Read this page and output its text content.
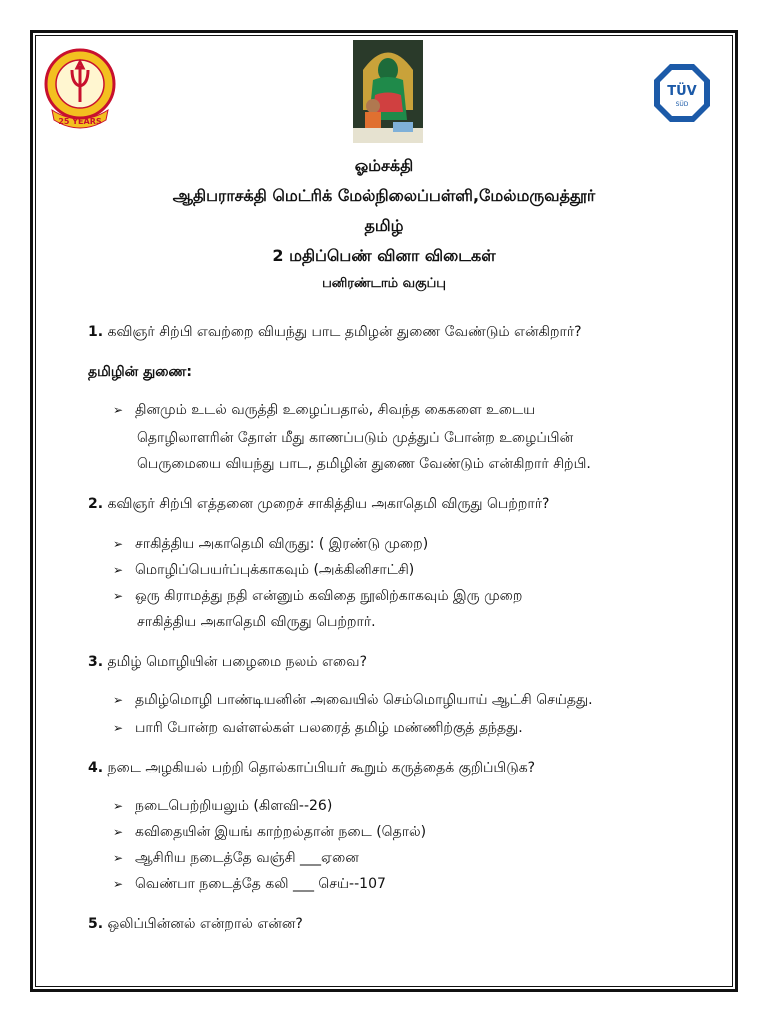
25 YEARS
TÜV
SÜD
ஓம்சக்தி
ஆதிபராசக்தி மெட்ரிக் மேல்நிலைப்பள்ளி,மேல்மருவத்தூர்
தமிழ்
2 மதிப்பெண் வினா விடைகள்
பனிரண்டாம் வகுப்பு
1. கவிஞர் சிற்பி எவற்றை வியந்து பாட தமிழன் துணை வேண்டும் என்கிறார்?
தமிழின் துணை:
➢ தினமும் உடல் வருத்தி உழைப்பதால், சிவந்த கைகளை உடைய
தொழிலாளரின் தோள் மீது காணப்படும் முத்துப் போன்ற உழைப்பின்
பெருமையை வியந்து பாட, தமிழின் துணை வேண்டும் என்கிறார் சிற்பி.
2. கவிஞர் சிற்பி எத்தனை முறைச் சாகித்திய அகாதெமி விருது பெற்றார்?
➢ சாகித்திய அகாதெமி விருது: ( இரண்டு முறை)
➢ மொழிப்பெயர்ப்புக்காகவும் (அக்கினிசாட்சி)
➢ ஒரு கிராமத்து நதி என்னும் கவிதை நூலிற்காகவும் இரு முறை
சாகித்திய அகாதெமி விருது பெற்றார்.
3. தமிழ் மொழியின் பழைமை நலம் எவை?
➢ தமிழ்மொழி பாண்டியனின் அவையில் செம்மொழியாய் ஆட்சி செய்தது.
➢ பாரி போன்ற வள்ளல்கள் பலரைத் தமிழ் மண்ணிற்குத் தந்தது.
4. நடை அழகியல் பற்றி தொல்காப்பியர் கூறும் கருத்தைக் குறிப்பிடுக?
➢ நடைபெற்றியலும் (கிளவி--26)
➢ கவிதையின் இயங் காற்றல்தான் நடை (தொல்)
➢ ஆசிரிய நடைத்தே வஞ்சி ___ஏனை
➢ வெண்பா நடைத்தே கலி ___ செய்--107
5. ஒலிப்பின்னல் என்றால் என்ன?
